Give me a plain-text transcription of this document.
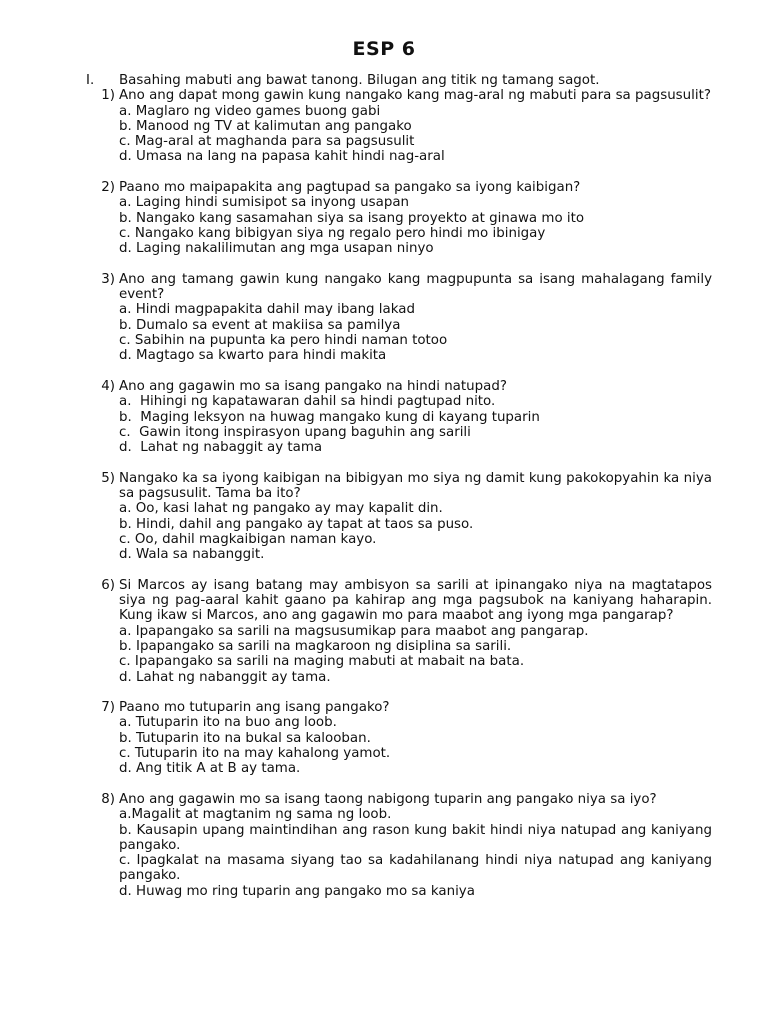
ESP 6
I.	Basahing mabuti ang bawat tanong. Bilugan ang titik ng tamang sagot.
1) Ano ang dapat mong gawin kung nangako kang mag-aral ng mabuti para sa pagsusulit?
a. Maglaro ng video games buong gabi
b. Manood ng TV at kalimutan ang pangako
c. Mag-aral at maghanda para sa pagsusulit
d. Umasa na lang na papasa kahit hindi nag-aral
2) Paano mo maipapakita ang pagtupad sa pangako sa iyong kaibigan?
a. Laging hindi sumisipot sa inyong usapan
b. Nangako kang sasamahan siya sa isang proyekto at ginawa mo ito
c. Nangako kang bibigyan siya ng regalo pero hindi mo ibinigay
d. Laging nakalilimutan ang mga usapan ninyo
3) Ano ang tamang gawin kung nangako kang magpupunta sa isang mahalagang family event?
a. Hindi magpapakita dahil may ibang lakad
b. Dumalo sa event at makiisa sa pamilya
c. Sabihin na pupunta ka pero hindi naman totoo
d. Magtago sa kwarto para hindi makita
4) Ano ang gagawin mo sa isang pangako na hindi natupad?
a.  Hihingi ng kapatawaran dahil sa hindi pagtupad nito.
b.  Maging leksyon na huwag mangako kung di kayang tuparin
c.  Gawin itong inspirasyon upang baguhin ang sarili
d.  Lahat ng nabaggit ay tama
5) Nangako ka sa iyong kaibigan na bibigyan mo siya ng damit kung pakokopyahin ka niya sa pagsusulit. Tama ba ito?
a. Oo, kasi lahat ng pangako ay may kapalit din.
b. Hindi, dahil ang pangako ay tapat at taos sa puso.
c. Oo, dahil magkaibigan naman kayo.
d. Wala sa nabanggit.
6) Si Marcos ay isang batang may ambisyon sa sarili at ipinangako niya na magtatapos siya ng pag-aaral kahit gaano pa kahirap ang mga pagsubok na kaniyang haharapin. Kung ikaw si Marcos, ano ang gagawin mo para maabot ang iyong mga pangarap?
a. Ipapangako sa sarili na magsusumikap para maabot ang pangarap.
b. Ipapangako sa sarili na magkaroon ng disiplina sa sarili.
c. Ipapangako sa sarili na maging mabuti at mabait na bata.
d. Lahat ng nabanggit ay tama.
7) Paano mo tutuparin ang isang pangako?
a. Tutuparin ito na buo ang loob.
b. Tutuparin ito na bukal sa kalooban.
c. Tutuparin ito na may kahalong yamot.
d. Ang titik A at B ay tama.
8) Ano ang gagawin mo sa isang taong nabigong tuparin ang pangako niya sa iyo?
a.Magalit at magtanim ng sama ng loob.
b. Kausapin upang maintindihan ang rason kung bakit hindi niya natupad ang kaniyang pangako.
c. Ipagkalat na masama siyang tao sa kadahilanang hindi niya natupad ang kaniyang pangako.
d. Huwag mo ring tuparin ang pangako mo sa kaniya
